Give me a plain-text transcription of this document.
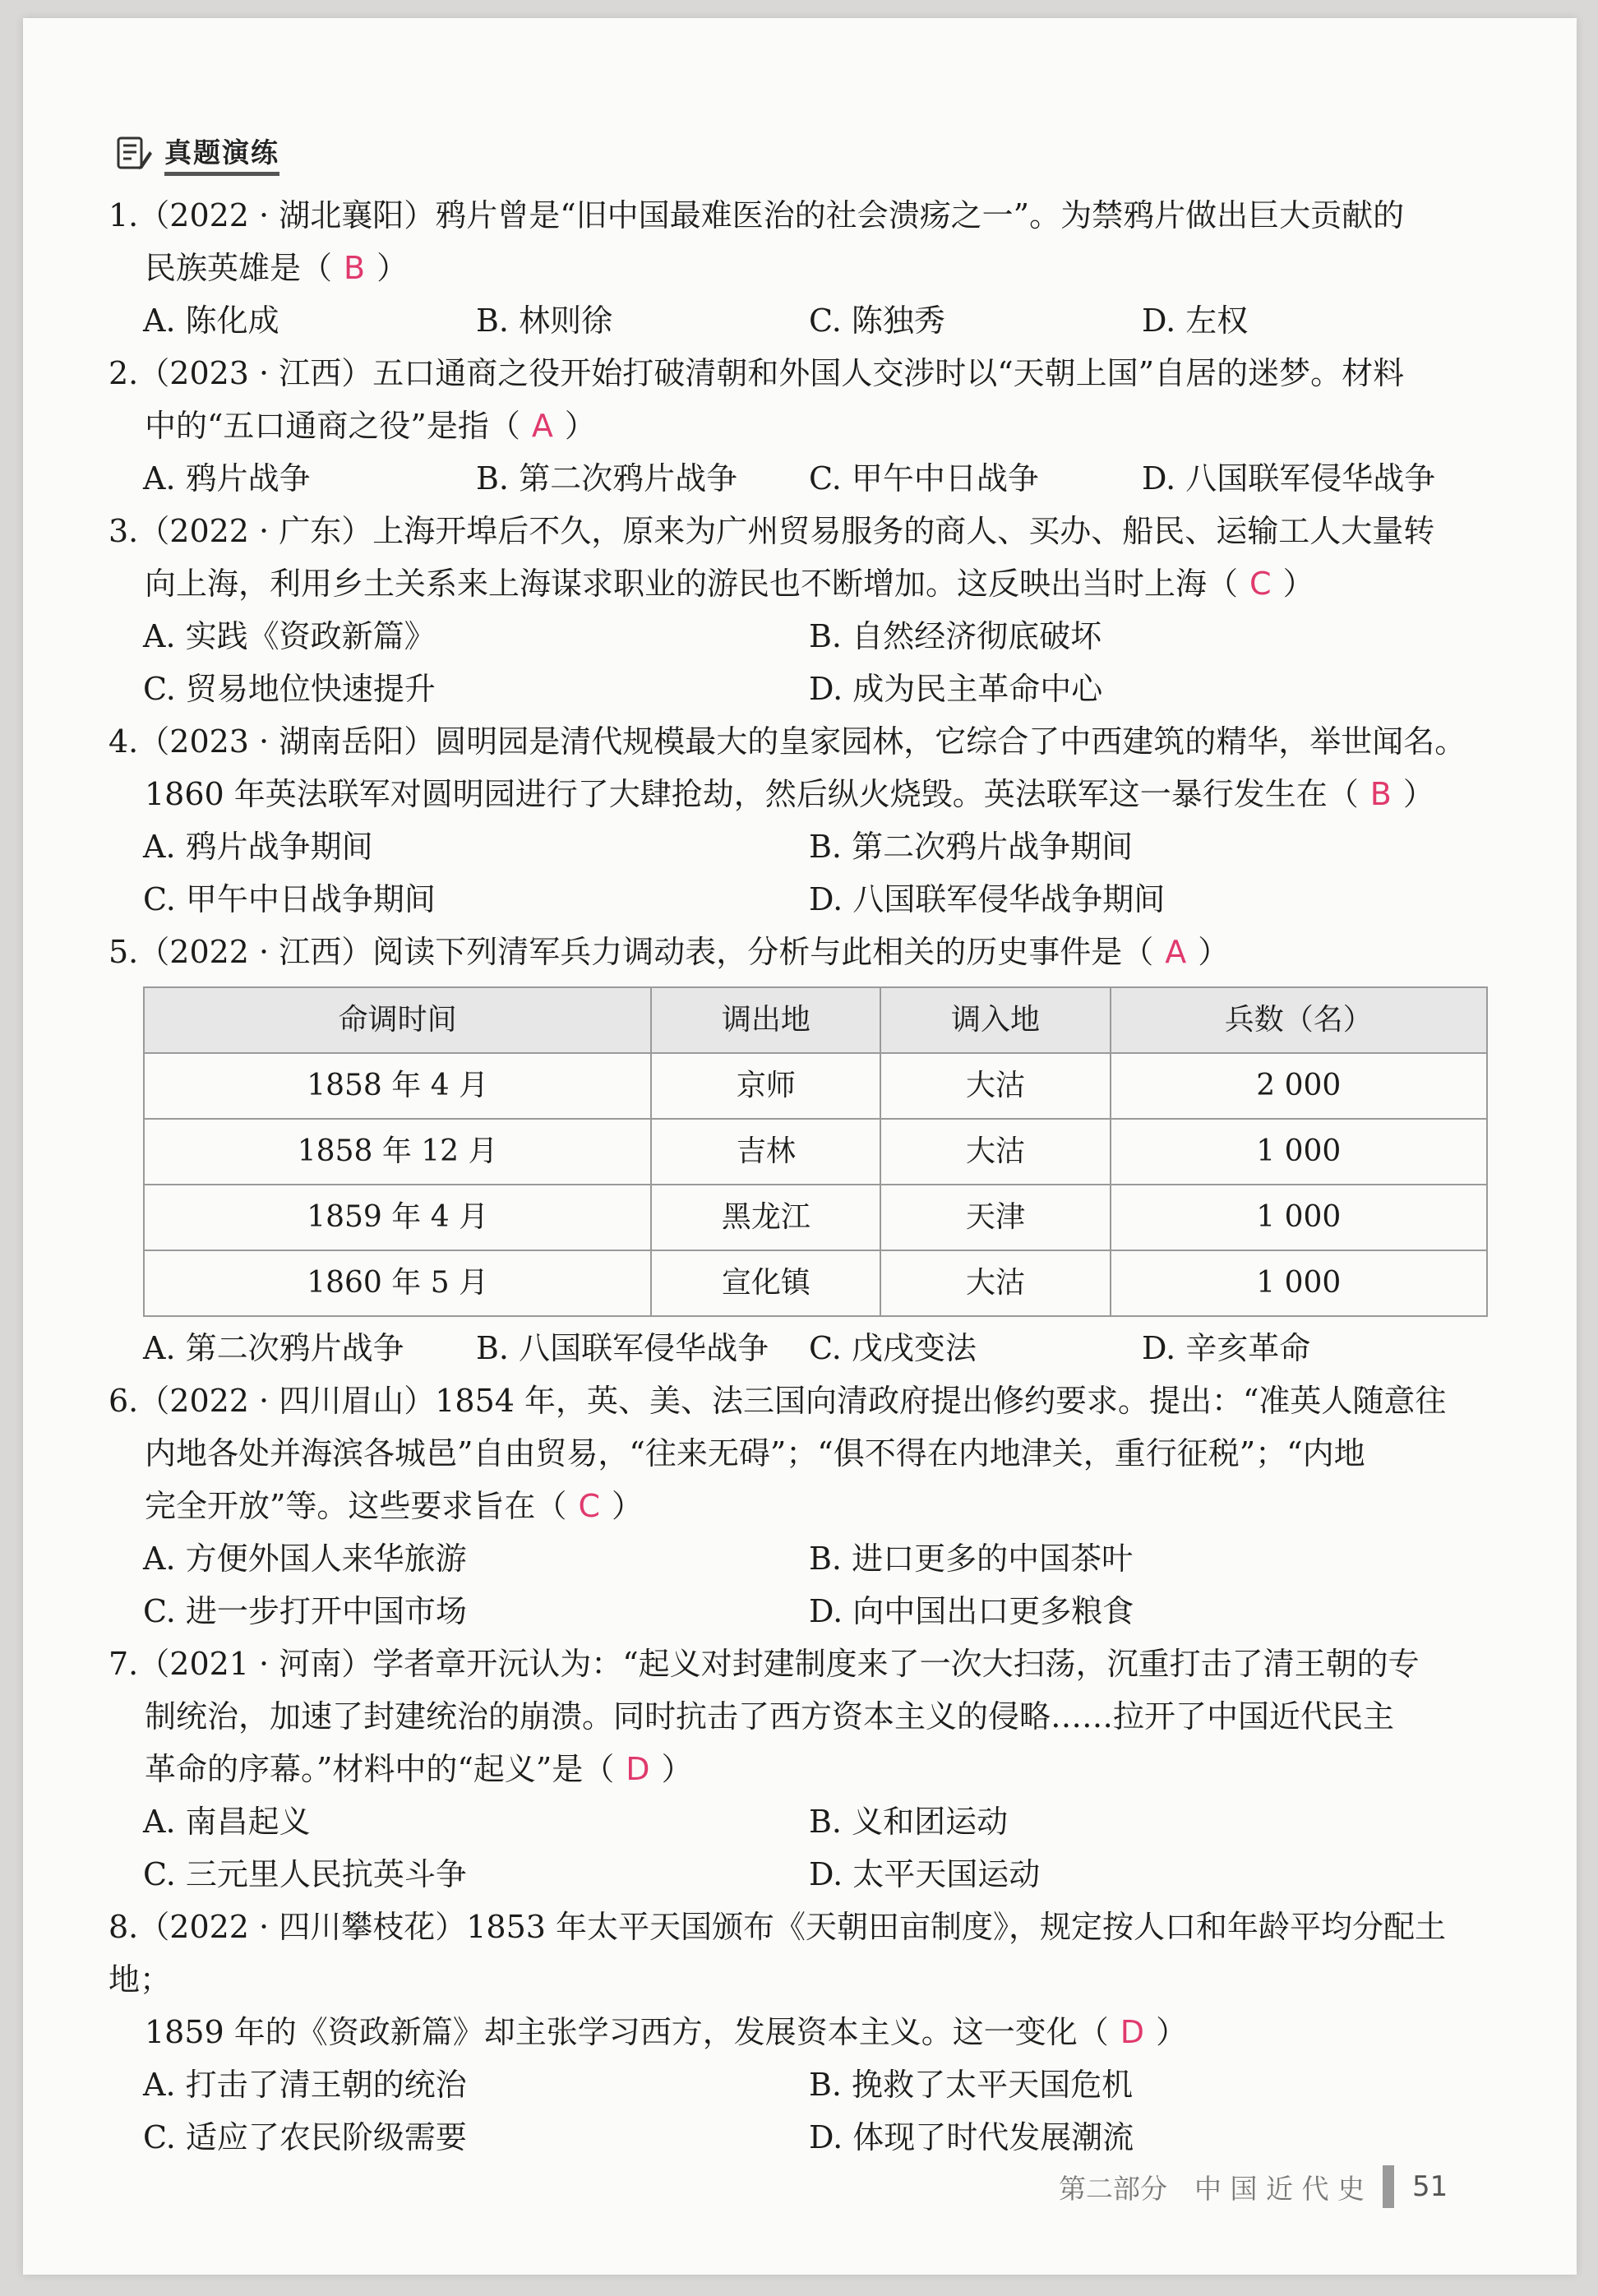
真题演练
1.（2022 · 湖北襄阳）鸦片曾是“旧中国最难医治的社会溃疡之一”。为禁鸦片做出巨大贡献的
民族英雄是（ B ）
A. 陈化成	B. 林则徐	C. 陈独秀	D. 左权
2.（2023 · 江西）五口通商之役开始打破清朝和外国人交涉时以“天朝上国”自居的迷梦。材料
中的“五口通商之役”是指（ A ）
A. 鸦片战争	B. 第二次鸦片战争	C. 甲午中日战争	D. 八国联军侵华战争
3.（2022 · 广东）上海开埠后不久，原来为广州贸易服务的商人、买办、船民、运输工人大量转
向上海，利用乡土关系来上海谋求职业的游民也不断增加。这反映出当时上海（ C ）
A. 实践《资政新篇》	B. 自然经济彻底破坏
C. 贸易地位快速提升	D. 成为民主革命中心
4.（2023 · 湖南岳阳）圆明园是清代规模最大的皇家园林，它综合了中西建筑的精华，举世闻名。
1860 年英法联军对圆明园进行了大肆抢劫，然后纵火烧毁。英法联军这一暴行发生在（ B ）
A. 鸦片战争期间	B. 第二次鸦片战争期间
C. 甲午中日战争期间	D. 八国联军侵华战争期间
5.（2022 · 江西）阅读下列清军兵力调动表，分析与此相关的历史事件是（ A ）
命调时间	调出地	调入地	兵数（名）
1858 年 4 月	京师	大沽	2 000
1858 年 12 月	吉林	大沽	1 000
1859 年 4 月	黑龙江	天津	1 000
1860 年 5 月	宣化镇	大沽	1 000
A. 第二次鸦片战争	B. 八国联军侵华战争	C. 戊戌变法	D. 辛亥革命
6.（2022 · 四川眉山）1854 年，英、美、法三国向清政府提出修约要求。提出：“准英人随意往
内地各处并海滨各城邑”自由贸易，“往来无碍”；“俱不得在内地津关，重行征税”；“内地
完全开放”等。这些要求旨在（ C ）
A. 方便外国人来华旅游	B. 进口更多的中国茶叶
C. 进一步打开中国市场	D. 向中国出口更多粮食
7.（2021 · 河南）学者章开沅认为：“起义对封建制度来了一次大扫荡，沉重打击了清王朝的专
制统治，加速了封建统治的崩溃。同时抗击了西方资本主义的侵略……拉开了中国近代民主
革命的序幕。”材料中的“起义”是（ D ）
A. 南昌起义	B. 义和团运动
C. 三元里人民抗英斗争	D. 太平天国运动
8.（2022 · 四川攀枝花）1853 年太平天国颁布《天朝田亩制度》，规定按人口和年龄平均分配土地；
1859 年的《资政新篇》却主张学习西方，发展资本主义。这一变化（ D ）
A. 打击了清王朝的统治	B. 挽救了太平天国危机
C. 适应了农民阶级需要	D. 体现了时代发展潮流
第二部分　中 国 近 代 史 51
